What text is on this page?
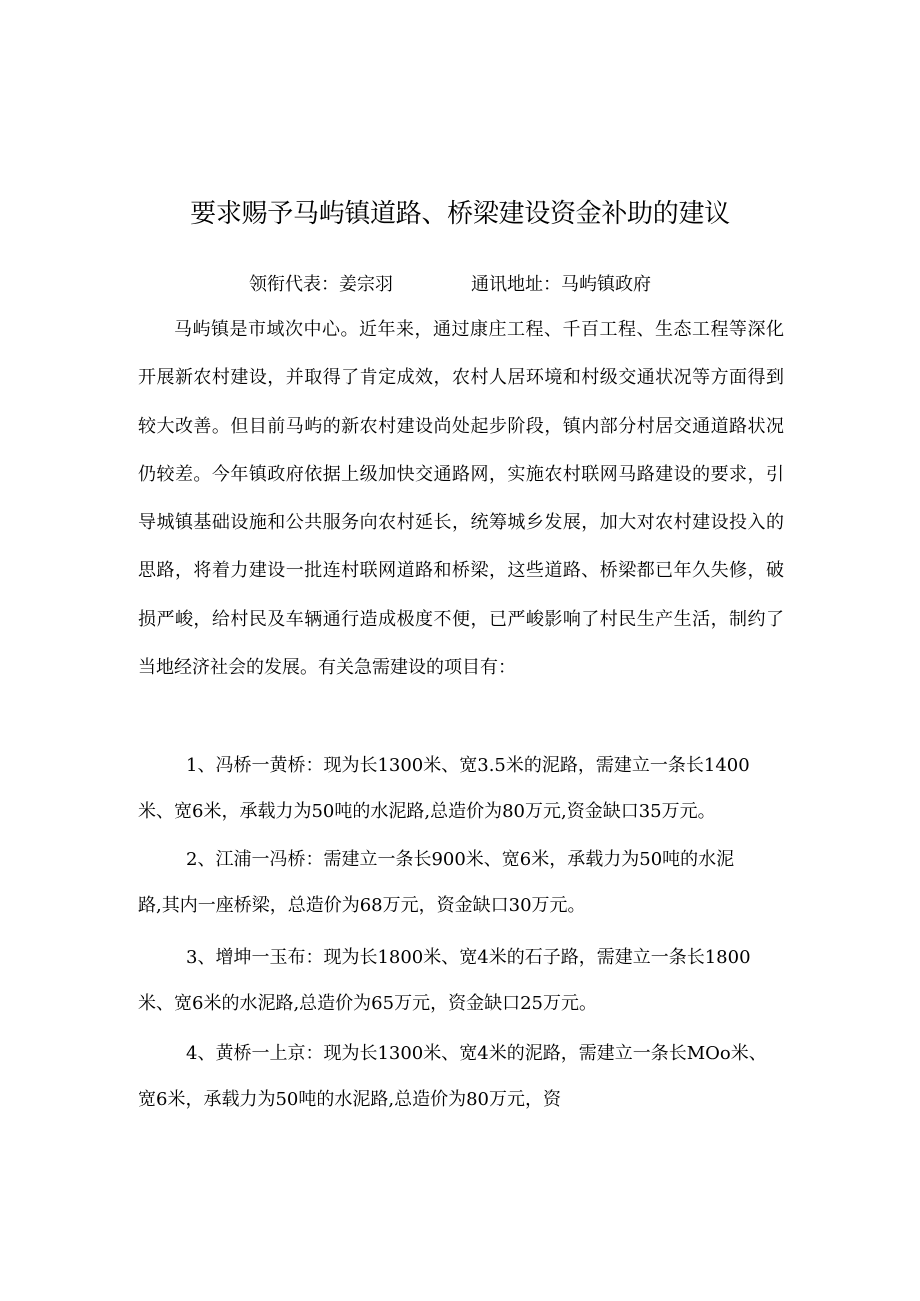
要求赐予马屿镇道路、桥梁建设资金补助的建议
领衔代表：姜宗羽	通讯地址：马屿镇政府

马屿镇是市域次中心。近年来，通过康庄工程、千百工程、生态工程等深化开展新农村建设，并取得了肯定成效，农村人居环境和村级交通状况等方面得到较大改善。但目前马屿的新农村建设尚处起步阶段，镇内部分村居交通道路状况仍较差。今年镇政府依据上级加快交通路网，实施农村联网马路建设的要求，引导城镇基础设施和公共服务向农村延长，统筹城乡发展，加大对农村建设投入的思路，将着力建设一批连村联网道路和桥梁，这些道路、桥梁都已年久失修，破损严峻，给村民及车辆通行造成极度不便，已严峻影响了村民生产生活，制约了当地经济社会的发展。有关急需建设的项目有：

1、冯桥一黄桥：现为长1300米、宽3.5米的泥路，需建立一条长1400
米、宽6米，承载力为50吨的水泥路,总造价为80万元,资金缺口35万元。
2、江浦一冯桥：需建立一条长900米、宽6米，承载力为50吨的水泥
路,其内一座桥梁，总造价为68万元，资金缺口30万元。
3、增坤一玉布：现为长1800米、宽4米的石子路，需建立一条长1800
米、宽6米的水泥路,总造价为65万元，资金缺口25万元。
4、黄桥一上京：现为长1300米、宽4米的泥路，需建立一条长MOo米、
宽6米，承载力为50吨的水泥路,总造价为80万元，资
